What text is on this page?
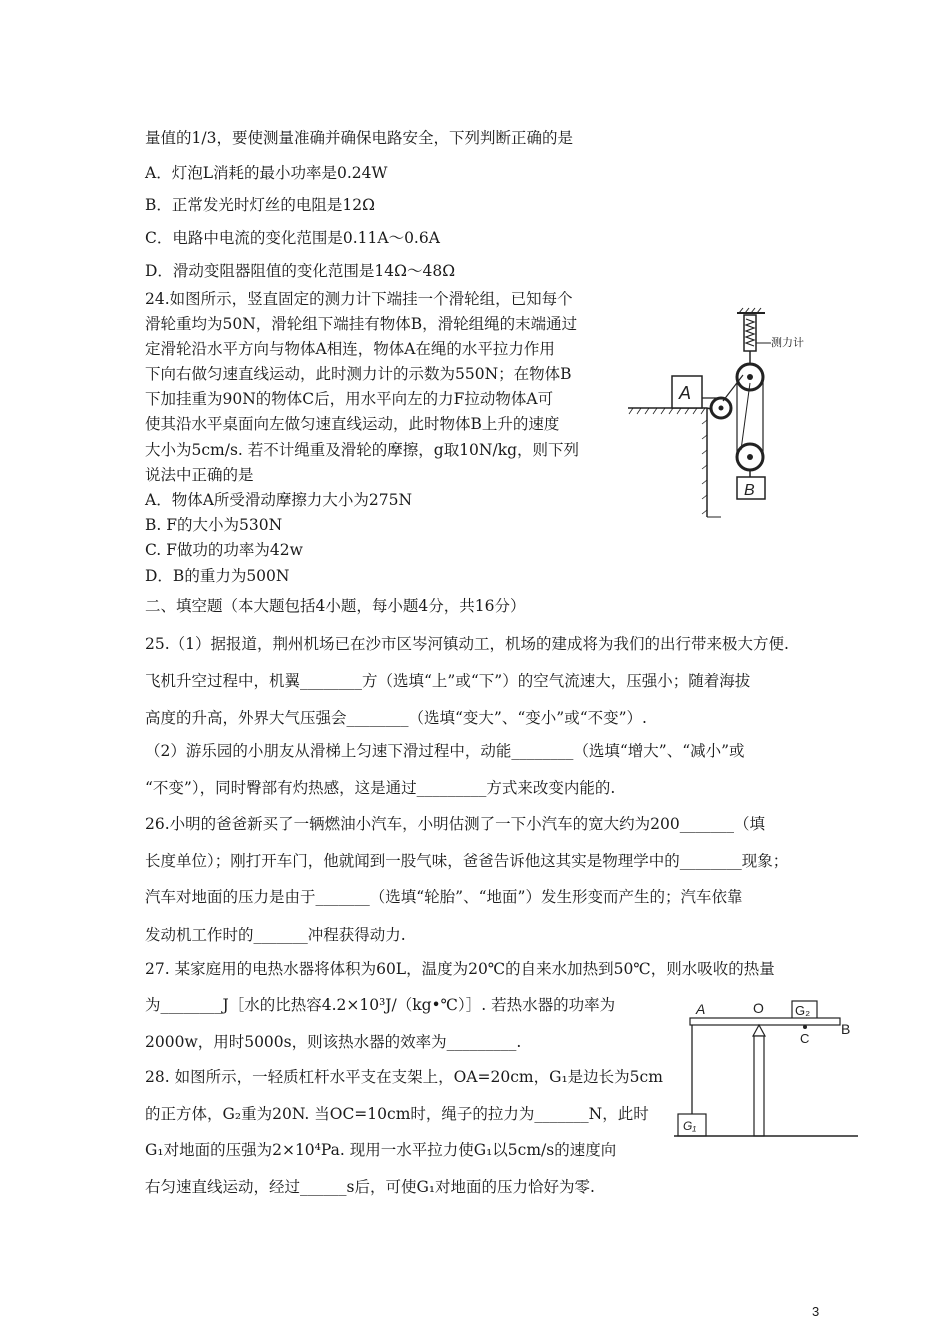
量值的1/3，要使测量准确并确保电路安全，下列判断正确的是
A．灯泡L消耗的最小功率是0.24W
B．正常发光时灯丝的电阻是12Ω
C．电路中电流的变化范围是0.11A～0.6A
D．滑动变阻器阻值的变化范围是14Ω～48Ω
24.如图所示，竖直固定的测力计下端挂一个滑轮组，已知每个
滑轮重均为50N，滑轮组下端挂有物体B，滑轮组绳的末端通过
定滑轮沿水平方向与物体A相连，物体A在绳的水平拉力作用
下向右做匀速直线运动，此时测力计的示数为550N；在物体B
下加挂重为90N的物体C后，用水平向左的力F拉动物体A可
使其沿水平桌面向左做匀速直线运动，此时物体B上升的速度
大小为5cm/s. 若不计绳重及滑轮的摩擦，g取10N/kg，则下列
说法中正确的是
A．物体A所受滑动摩擦力大小为275N
B. F的大小为530N
C. F做功的功率为42w
D．B的重力为500N
二、填空题（本大题包括4小题，每小题4分，共16分）
25.（1）据报道，荆州机场已在沙市区岑河镇动工，机场的建成将为我们的出行带来极大方便.
飞机升空过程中，机翼________方（选填“上”或“下”）的空气流速大，压强小；随着海拔
高度的升高，外界大气压强会________（选填“变大”、“变小”或“不变”）.
（2）游乐园的小朋友从滑梯上匀速下滑过程中，动能________（选填“增大”、“减小”或
“不变”），同时臀部有灼热感，这是通过_________方式来改变内能的.
26.小明的爸爸新买了一辆燃油小汽车，小明估测了一下小汽车的宽大约为200_______（填
长度单位）；刚打开车门，他就闻到一股气味，爸爸告诉他这其实是物理学中的________现象；
汽车对地面的压力是由于_______（选填“轮胎”、“地面”）发生形变而产生的；汽车依靠
发动机工作时的_______冲程获得动力.
27. 某家庭用的电热水器将体积为60L，温度为20℃的自来水加热到50℃，则水吸收的热量
为________J［水的比热容4.2×10³J/（kg•℃）］. 若热水器的功率为
2000w，用时5000s，则该热水器的效率为_________.
28. 如图所示，一轻质杠杆水平支在支架上，OA=20cm，G₁是边长为5cm
的正方体，G₂重为20N. 当OC=10cm时，绳子的拉力为_______N，此时
G₁对地面的压强为2×10⁴Pa. 现用一水平拉力使G₁以5cm/s的速度向
右匀速直线运动，经过______s后，可使G₁对地面的压力恰好为零.
测力计
B
A
A	O G₂
B
C
G₁
3
